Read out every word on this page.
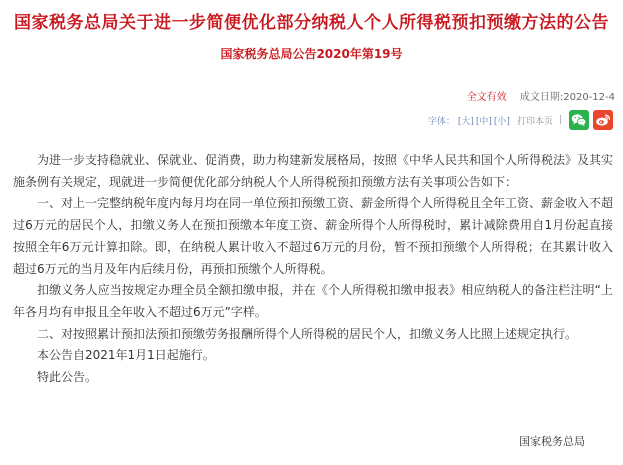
国家税务总局关于进一步简便优化部分纳税人个人所得税预扣预缴方法的公告
国家税务总局公告2020年第19号
全文有效 成文日期:2020-12-4
字体： [大] [中] [小] 打印本页 |

为进一步支持稳就业、保就业、促消费，助力构建新发展格局，按照《中华人民共和国个人所得税法》及其实施条例有关规定，现就进一步简便优化部分纳税人个人所得税预扣预缴方法有关事项公告如下：

一、对上一完整纳税年度内每月均在同一单位预扣预缴工资、薪金所得个人所得税且全年工资、薪金收入不超过6万元的居民个人，扣缴义务人在预扣预缴本年度工资、薪金所得个人所得税时，累计减除费用自1月份起直接按照全年6万元计算扣除。即，在纳税人累计收入不超过6万元的月份，暂不预扣预缴个人所得税；在其累计收入超过6万元的当月及年内后续月份，再预扣预缴个人所得税。

扣缴义务人应当按规定办理全员全额扣缴申报，并在《个人所得税扣缴申报表》相应纳税人的备注栏注明“上年各月均有申报且全年收入不超过6万元”字样。

二、对按照累计预扣法预扣预缴劳务报酬所得个人所得税的居民个人，扣缴义务人比照上述规定执行。

本公告自2021年1月1日起施行。

特此公告。

国家税务总局
